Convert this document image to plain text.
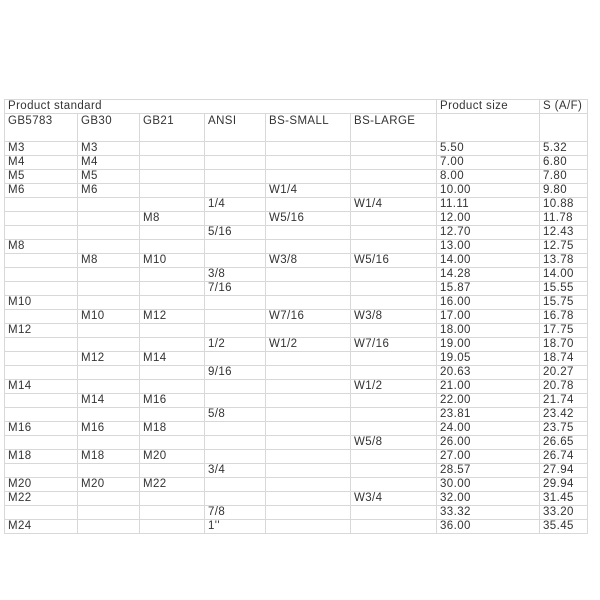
Product standard						Product size	S (A/F)
GB5783	GB30	GB21	ANSI	BS-SMALL	BS-LARGE		
M3	M3					5.50	5.32
M4	M4					7.00	6.80
M5	M5					8.00	7.80
M6	M6			W1/4		10.00	9.80
			1/4		W1/4	11.11	10.88
		M8		W5/16		12.00	11.78
			5/16			12.70	12.43
M8						13.00	12.75
	M8	M10		W3/8	W5/16	14.00	13.78
			3/8			14.28	14.00
			7/16			15.87	15.55
M10						16.00	15.75
	M10	M12		W7/16	W3/8	17.00	16.78
M12						18.00	17.75
			1/2	W1/2	W7/16	19.00	18.70
	M12	M14				19.05	18.74
			9/16			20.63	20.27
M14					W1/2	21.00	20.78
	M14	M16				22.00	21.74
			5/8			23.81	23.42
M16	M16	M18				24.00	23.75
					W5/8	26.00	26.65
M18	M18	M20				27.00	26.74
			3/4			28.57	27.94
M20	M20	M22				30.00	29.94
M22					W3/4	32.00	31.45
			7/8			33.32	33.20
M24			1''			36.00	35.45
